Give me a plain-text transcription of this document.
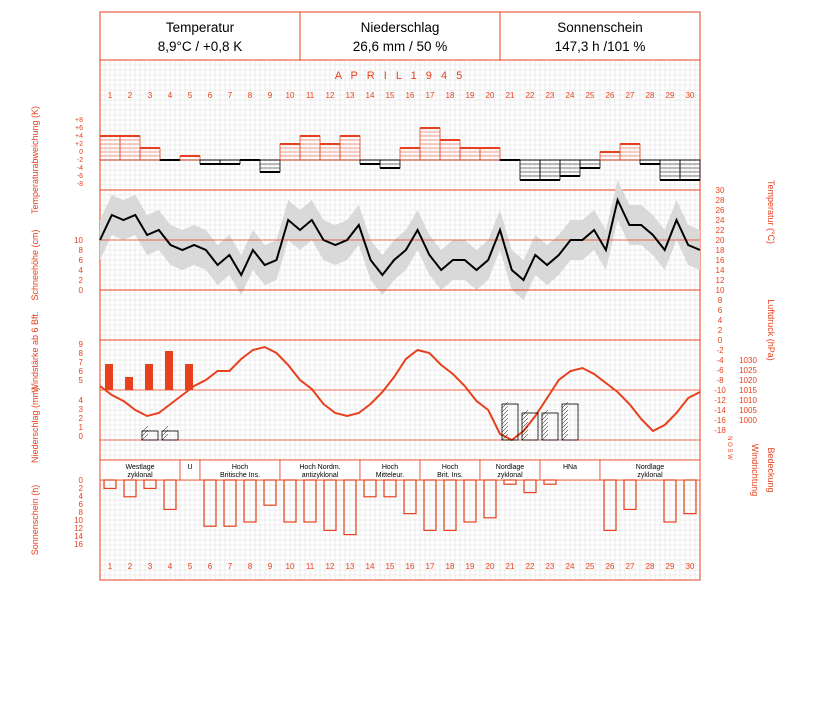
Temperatur
8,9°C / +0,8 K
Niederschlag
26,6 mm / 50 %
Sonnenschein
147,3 h /101 %
A P R I L 1 9 4 5
1
1
2
2
3
3
4
4
5
5
6
6
7
7
8
8
9
9
10
10
11
11
12
12
13
13
14
14
15
15
16
16
17
17
18
18
19
19
20
20
21
21
22
22
23
23
24
24
25
25
26
26
27
27
28
28
29
29
30
30
+8
+6
+4
+2
0
-2
-4
-6
-8
Temperaturabweichung (K)
Schneehöhe (cm)	10
8
6
4
2
0
30
28
26
24
22
20
18
16
14
12
10
8
6
4
2
0
-2
-4
-6
-8
-10
-12
-14
-16
-18
Temperatur (°C)
Windstärke ab 6 Bft.	9
8
7
6
5
1030
1025
1020
1015
1010
1005
1000
Luftdruck (hPa)
Niederschlag (mm)	4
3
2
1
0	N O S W Windrichtung Bedeckung
Westlage
zyklonal
U	Hoch
Britische Ins.
Hoch Nordm.
antizyklonal
Hoch
Mitteleur.
Hoch
Brit. Ins.
Nordlage
zyklonal
HNa	Nordlage
zyklonal
Sonnenschein (h)
0
2
4
6
8
10
12
14
16
